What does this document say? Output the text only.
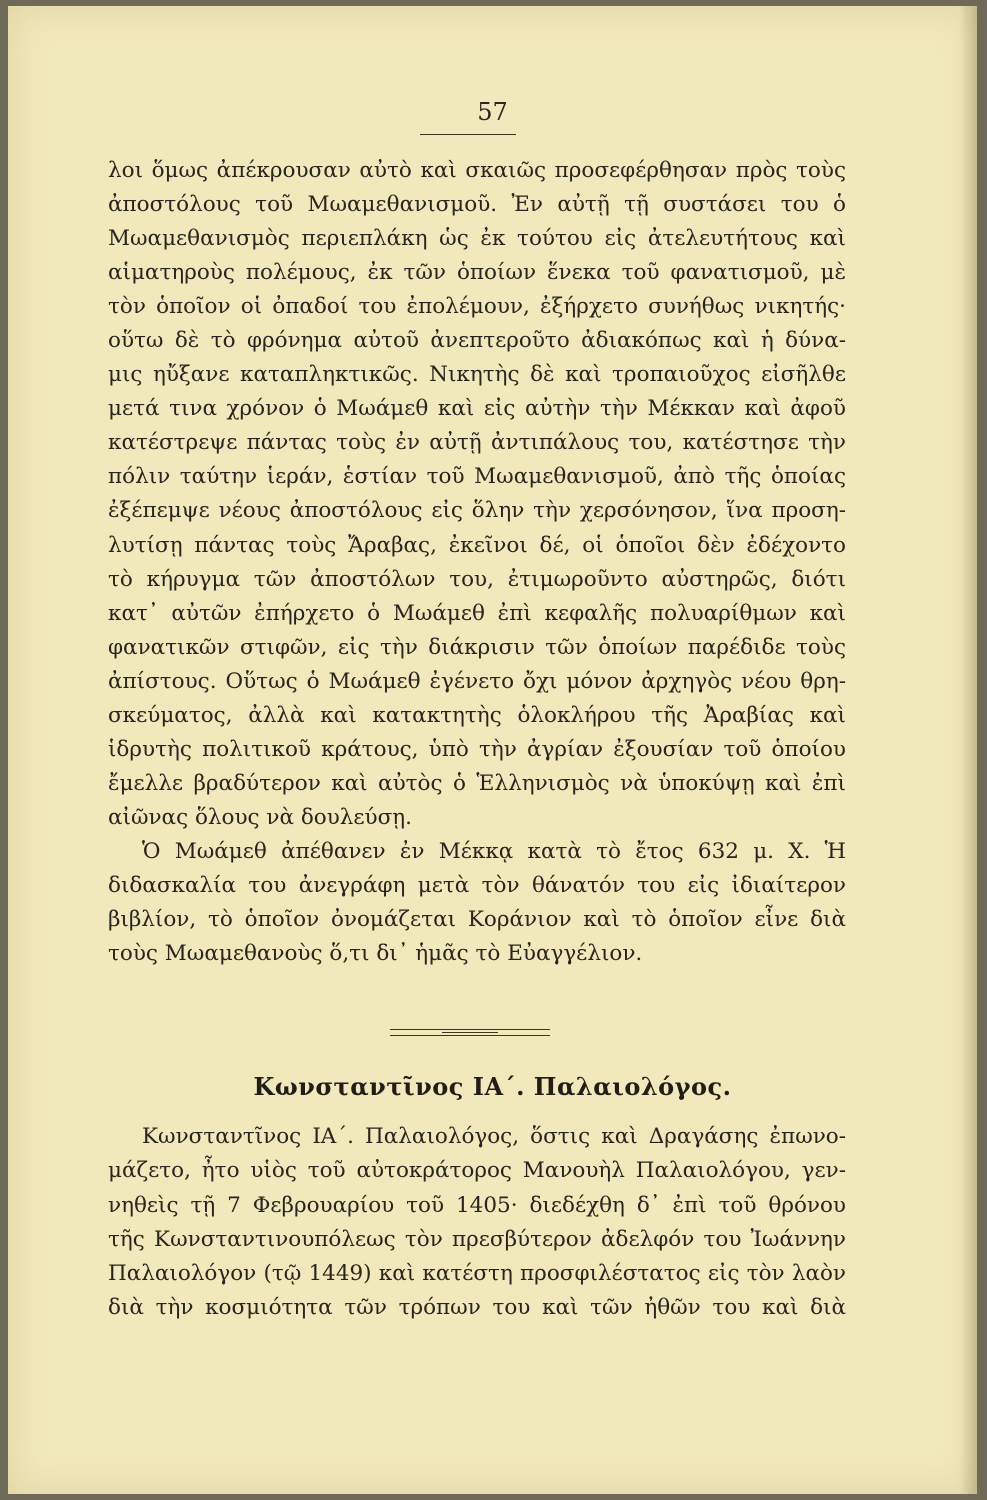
57
λοι ὅμως ἀπέκρουσαν αὐτὸ καὶ σκαιῶς προσεφέρθησαν πρὸς τοὺς
ἀποστόλους τοῦ Μωαμεθανισμοῦ. Ἐν αὐτῇ τῇ συστάσει του ὁ
Μωαμεθανισμὸς περιεπλάκη ὡς ἐκ τούτου εἰς ἀτελευτήτους καὶ
αἱματηροὺς πολέμους, ἐκ τῶν ὁποίων ἕνεκα τοῦ φανατισμοῦ, μὲ
τὸν ὁποῖον οἱ ὀπαδοί του ἐπολέμουν, ἐξήρχετο συνήθως νικητής·
οὕτω δὲ τὸ φρόνημα αὐτοῦ ἀνεπτεροῦτο ἀδιακόπως καὶ ἡ δύνα-
μις ηὔξανε καταπληκτικῶς. Νικητὴς δὲ καὶ τροπαιοῦχος εἰσῆλθε
μετά τινα χρόνον ὁ Μωάμεθ καὶ εἰς αὐτὴν τὴν Μέκκαν καὶ ἀφοῦ
κατέστρεψε πάντας τοὺς ἐν αὐτῇ ἀντιπάλους του, κατέστησε τὴν
πόλιν ταύτην ἱεράν, ἑστίαν τοῦ Μωαμεθανισμοῦ, ἀπὸ τῆς ὁποίας
ἐξέπεμψε νέους ἀποστόλους εἰς ὅλην τὴν χερσόνησον, ἵνα προση-
λυτίσῃ πάντας τοὺς Ἄραβας, ἐκεῖνοι δέ, οἱ ὁποῖοι δὲν ἐδέχοντο
τὸ κήρυγμα τῶν ἀποστόλων του, ἐτιμωροῦντο αὐστηρῶς, διότι
κατ᾽ αὐτῶν ἐπήρχετο ὁ Μωάμεθ ἐπὶ κεφαλῆς πολυαρίθμων καὶ
φανατικῶν στιφῶν, εἰς τὴν διάκρισιν τῶν ὁποίων παρέδιδε τοὺς
ἀπίστους. Οὕτως ὁ Μωάμεθ ἐγένετο ὄχι μόνον ἀρχηγὸς νέου θρη-
σκεύματος, ἀλλὰ καὶ κατακτητὴς ὁλοκλήρου τῆς Ἀραβίας καὶ
ἱδρυτὴς πολιτικοῦ κράτους, ὑπὸ τὴν ἀγρίαν ἐξουσίαν τοῦ ὁποίου
ἔμελλε βραδύτερον καὶ αὐτὸς ὁ Ἑλληνισμὸς νὰ ὑποκύψῃ καὶ ἐπὶ
αἰῶνας ὅλους νὰ δουλεύσῃ.
Ὁ Μωάμεθ ἀπέθανεν ἐν Μέκκᾳ κατὰ τὸ ἔτος 632 μ. Χ. Ἡ
διδασκαλία του ἀνεγράφη μετὰ τὸν θάνατόν του εἰς ἰδιαίτερον
βιβλίον, τὸ ὁποῖον ὀνομάζεται Κοράνιον καὶ τὸ ὁποῖον εἶνε διὰ
τοὺς Μωαμεθανοὺς ὅ,τι δι᾽ ἡμᾶς τὸ Εὐαγγέλιον.
Κωνσταντῖνος ΙΑ΄. Παλαιολόγος.
Κωνσταντῖνος ΙΑ΄. Παλαιολόγος, ὅστις καὶ Δραγάσης ἐπωνο-
μάζετο, ἦτο υἱὸς τοῦ αὐτοκράτορος Μανουὴλ Παλαιολόγου, γεν-
νηθεὶς τῇ 7 Φεβρουαρίου τοῦ 1405· διεδέχθη δ᾽ ἐπὶ τοῦ θρόνου
τῆς Κωνσταντινουπόλεως τὸν πρεσβύτερον ἀδελφόν του Ἰωάννην
Παλαιολόγον (τῷ 1449) καὶ κατέστη προσφιλέστατος εἰς τὸν λαὸν
διὰ τὴν κοσμιότητα τῶν τρόπων του καὶ τῶν ἠθῶν του καὶ διὰ
